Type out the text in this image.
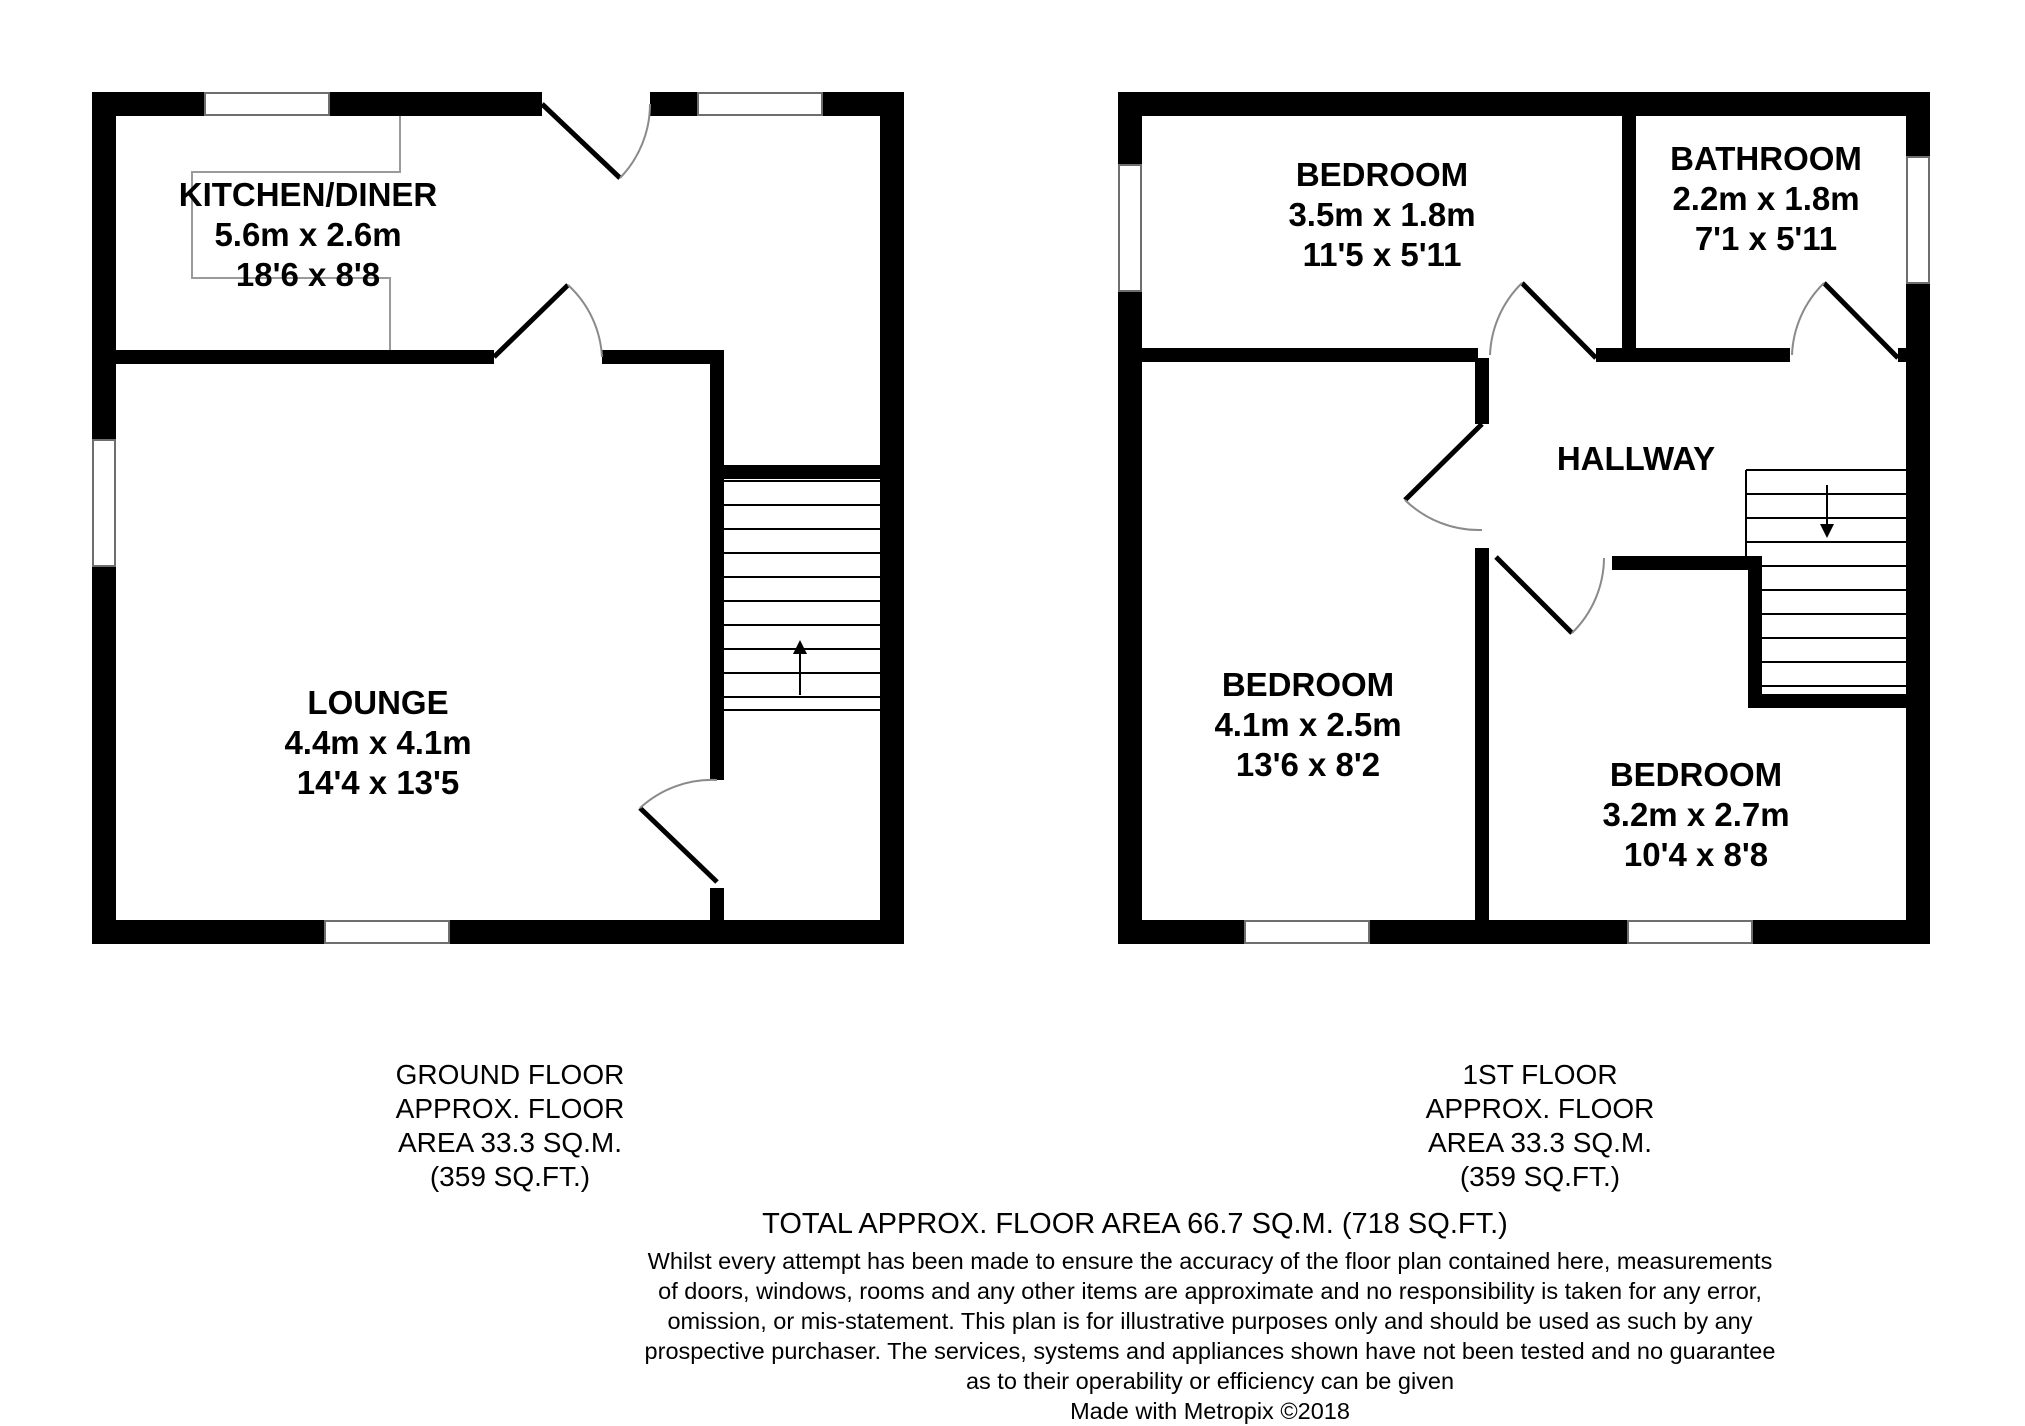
KITCHEN/DINER
5.6m x 2.6m
18'6 x 8'8
LOUNGE
4.4m x 4.1m
14'4 x 13'5
BEDROOM
3.5m x 1.8m
11'5 x 5'11
BATHROOM
2.2m x 1.8m
7'1 x 5'11
HALLWAY
BEDROOM
4.1m x 2.5m
13'6 x 8'2	BEDROOM
3.2m x 2.7m
10'4 x 8'8
GROUND FLOOR
APPROX. FLOOR
AREA 33.3 SQ.M.
(359 SQ.FT.)
1ST FLOOR
APPROX. FLOOR
AREA 33.3 SQ.M.
(359 SQ.FT.)
TOTAL APPROX. FLOOR AREA 66.7 SQ.M. (718 SQ.FT.)
Whilst every attempt has been made to ensure the accuracy of the floor plan contained here, measurements
of doors, windows, rooms and any other items are approximate and no responsibility is taken for any error,
omission, or mis-statement. This plan is for illustrative purposes only and should be used as such by any
prospective purchaser. The services, systems and appliances shown have not been tested and no guarantee
as to their operability or efficiency can be given
Made with Metropix ©2018
